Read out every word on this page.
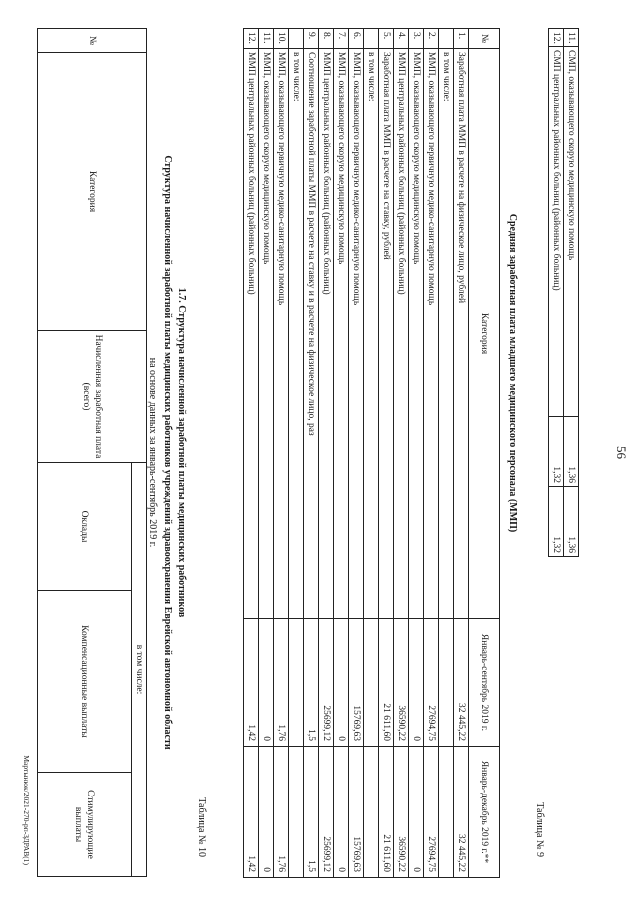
11.	СМП, оказывающего скорую медицинскую помощь	1,36	1,36
12.	СМП центральных районных больниц (районных больниц)	1,32	1,32
56
Таблица № 9
Средняя заработная плата младшего медицинского персонала (ММП)
№	Категория	Январь-сентябрь 2019 г.	Январь-декабрь 2019 г.**
1.	Заработная плата ММП в расчете на физическое лицо, рублей	32 445,22	32 445,22
	в том числе:		
2.	ММП, оказывающего первичную медико-санитарную помощь	27694,75	27694,75
3.	ММП, оказывающего скорую медицинскую помощь	0	0
4.	ММП центральных районных больниц (районных больниц)	36590,22	36590,22
5.	Заработная плата ММП в расчете на ставку, рублей	21 611,60	21 611,60
	в том числе:		
6.	ММП, оказывающего первичную медико-санитарную помощь	15769,63	15769,63
7.	ММП, оказывающего скорую медицинскую помощь	0	0
8.	ММП центральных районных больниц (районных больниц)	25699,12	25699,12
9.	Соотношение заработной платы ММП в расчете на ставку и в расчете на физическое лицо, раз	1,5	1,5
	в том числе:		
10.	ММП, оказывающего первичную медико-санитарную помощь	1,76	1,76
11.	ММП, оказывающего скорую медицинскую помощь	0	0
12.	ММП центральных районных больниц (районных больниц)	1,42	1,42
Таблица № 10
1.7. Структура начисленной заработной платы медицинских работников
Структура начисленной заработной платы медицинских работников учреждений здравоохранения Еврейской автономной области
на основе данных за январь-сентябрь 2019 г.
№	Категория	Начисленная заработная плата (всего)	в том числе:		
			Оклады	Компенсационные выплаты	Стимулирующие выплаты
Мартынюк/2021-270-рп-ЗДРАВ(1)
